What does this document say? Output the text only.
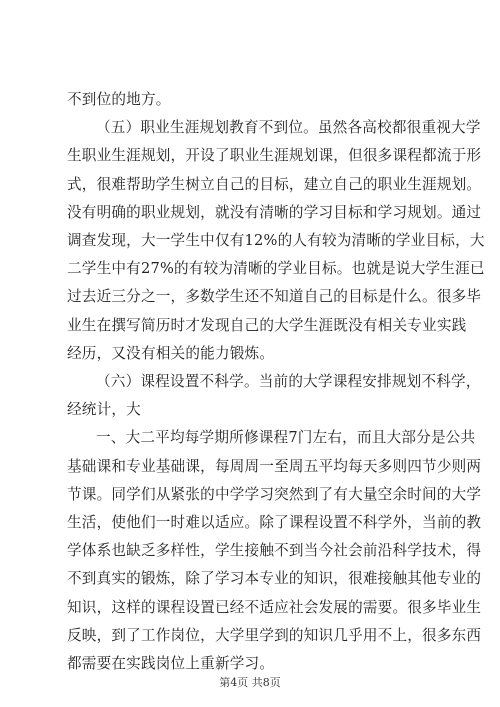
不到位的地方。
（五）职业生涯规划教育不到位。虽然各高校都很重视大学
生职业生涯规划，开设了职业生涯规划课，但很多课程都流于形
式，很难帮助学生树立自己的目标，建立自己的职业生涯规划。
没有明确的职业规划，就没有清晰的学习目标和学习规划。通过
调查发现，大一学生中仅有12%的人有较为清晰的学业目标，大
二学生中有27%的有较为清晰的学业目标。也就是说大学生涯已
过去近三分之一，多数学生还不知道自己的目标是什么。很多毕
业生在撰写简历时才发现自己的大学生涯既没有相关专业实践
经历，又没有相关的能力锻炼。
（六）课程设置不科学。当前的大学课程安排规划不科学，
经统计，大
一、大二平均每学期所修课程7门左右，而且大部分是公共
基础课和专业基础课，每周周一至周五平均每天多则四节少则两
节课。同学们从紧张的中学学习突然到了有大量空余时间的大学
生活，使他们一时难以适应。除了课程设置不科学外，当前的教
学体系也缺乏多样性，学生接触不到当今社会前沿科学技术，得
不到真实的锻炼，除了学习本专业的知识，很难接触其他专业的
知识，这样的课程设置已经不适应社会发展的需要。很多毕业生
反映，到了工作岗位，大学里学到的知识几乎用不上，很多东西
都需要在实践岗位上重新学习。
第4页 共8页
